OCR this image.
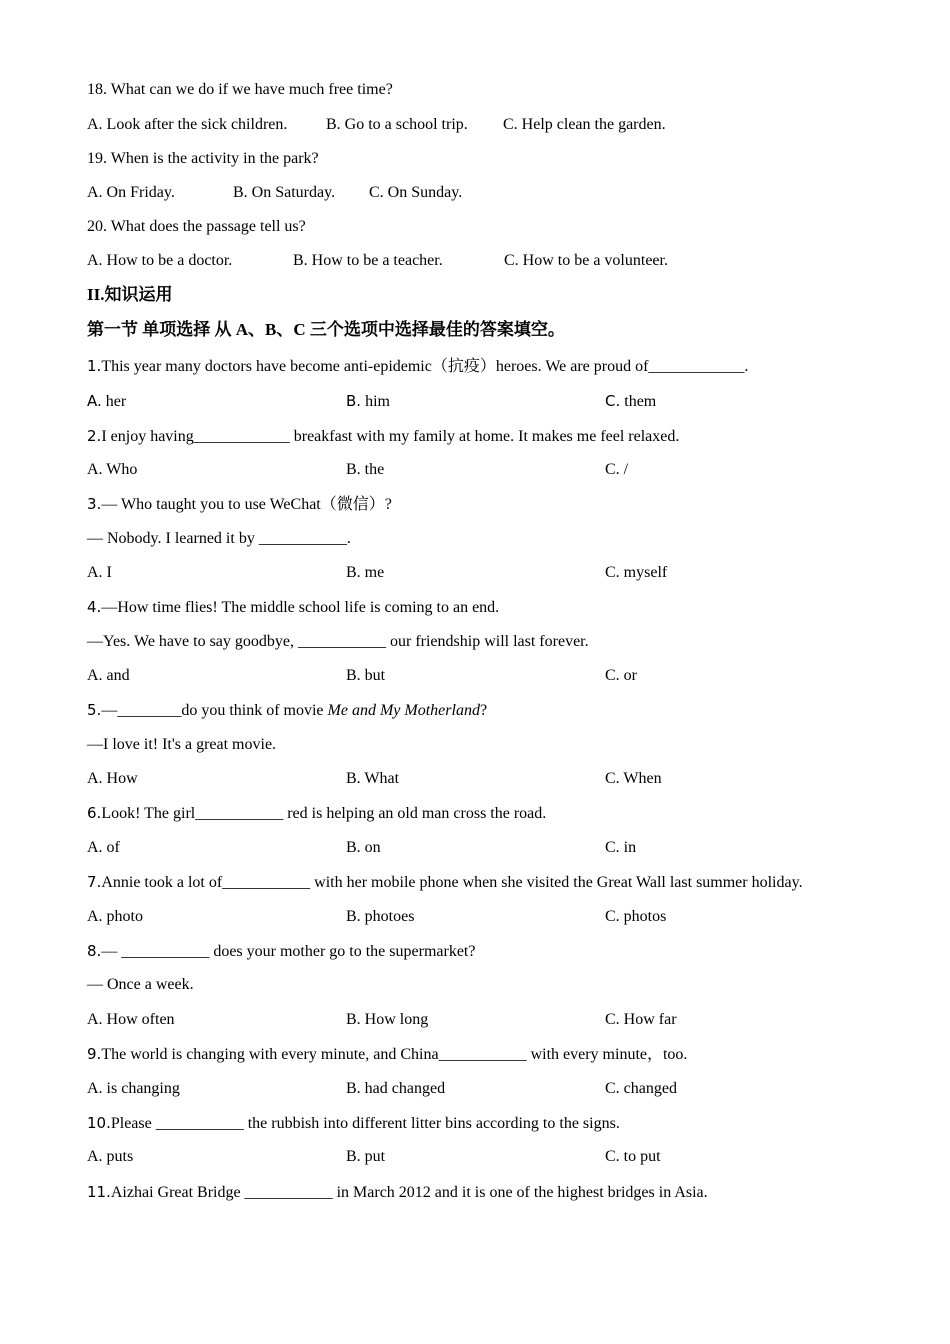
18. What can we do if we have much free time?
A. Look after the sick children. B. Go to a school trip. C. Help clean the garden.
19. When is the activity in the park?
A. On Friday.	B. On Saturday. C. On Sunday.
20. What does the passage tell us?
A. How to be a doctor.	B. How to be a teacher.	C. How to be a volunteer.
II.知识运用
第一节 单项选择 从 A、B、C 三个选项中选择最佳的答案填空。
1.This year many doctors have become anti-epidemic（抗疫）heroes. We are proud of____________.
A. her	B. him	C. them
2.I enjoy having____________ breakfast with my family at home. It makes me feel relaxed.
A. Who	B. the	C. /
3.— Who taught you to use WeChat（微信）?
— Nobody. I learned it by ___________.
A. I	B. me	C. myself
4.—How time flies! The middle school life is coming to an end.
—Yes. We have to say goodbye, ___________ our friendship will last forever.
A. and	B. but	C. or
5.—________do you think of movie Me and My Motherland?
—I love it! It's a great movie.
A. How	B. What	C. When
6.Look! The girl___________ red is helping an old man cross the road.
A. of	B. on	C. in
7.Annie took a lot of___________ with her mobile phone when she visited the Great Wall last summer holiday.
A. photo	B. photoes	C. photos
8.— ___________ does your mother go to the supermarket?
— Once a week.
A. How often	B. How long	C. How far
9.The world is changing with every minute, and China___________ with every minute，too.
A. is changing	B. had changed	C. changed
10.Please ___________ the rubbish into different litter bins according to the signs.
A. puts	B. put	C. to put
11.Aizhai Great Bridge ___________ in March 2012 and it is one of the highest bridges in Asia.
